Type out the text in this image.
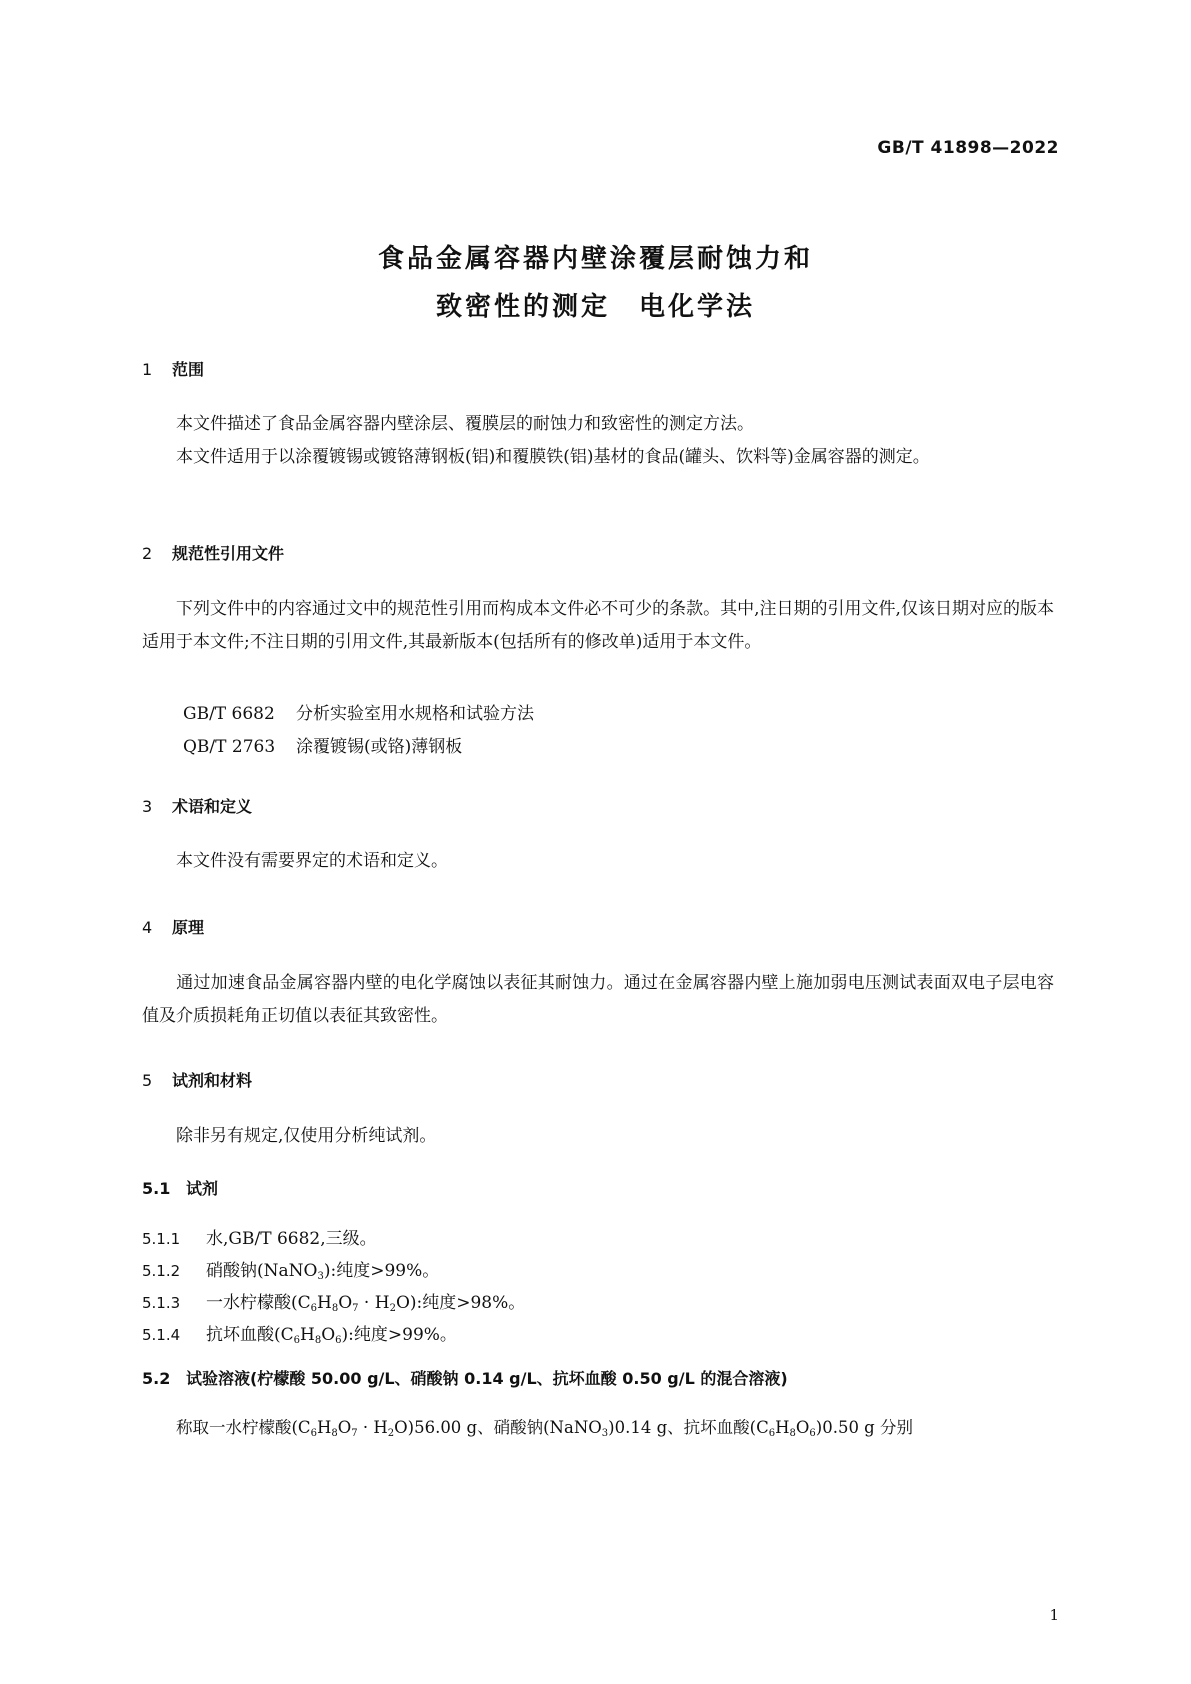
GB/T 41898—2022
食品金属容器内壁涂覆层耐蚀力和
致密性的测定　电化学法
1 范围
本文件描述了食品金属容器内壁涂层、覆膜层的耐蚀力和致密性的测定方法。
本文件适用于以涂覆镀锡或镀铬薄钢板(铝)和覆膜铁(铝)基材的食品(罐头、饮料等)金属容器的测定。
2 规范性引用文件
下列文件中的内容通过文中的规范性引用而构成本文件必不可少的条款。其中,注日期的引用文件,仅该日期对应的版本适用于本文件;不注日期的引用文件,其最新版本(包括所有的修改单)适用于本文件。
GB/T 6682 分析实验室用水规格和试验方法
QB/T 2763 涂覆镀锡(或铬)薄钢板
3 术语和定义
本文件没有需要界定的术语和定义。
4 原理
通过加速食品金属容器内壁的电化学腐蚀以表征其耐蚀力。通过在金属容器内壁上施加弱电压测试表面双电子层电容值及介质损耗角正切值以表征其致密性。
5 试剂和材料
除非另有规定,仅使用分析纯试剂。
5.1 试剂
5.1.1 水,GB/T 6682,三级。
5.1.2 硝酸钠(NaNO$_3$):纯度>99%。
5.1.3 一水柠檬酸$(C_6H_8O_7 \cdot H_2O)$:纯度>98%。
5.1.4 抗坏血酸$(C_6H_8O_6)$:纯度>99%。
5.2 试验溶液(柠檬酸 50.00 g/L、硝酸钠 0.14 g/L、抗坏血酸 0.50 g/L 的混合溶液)
称取一水柠檬酸$(C_6H_8O_7 \cdot H_2O)56.00$ g、硝酸钠(NaNO$_3$)0.14 g、抗坏血酸$(C_6H_8O_6)0.50$ g 分别
1
